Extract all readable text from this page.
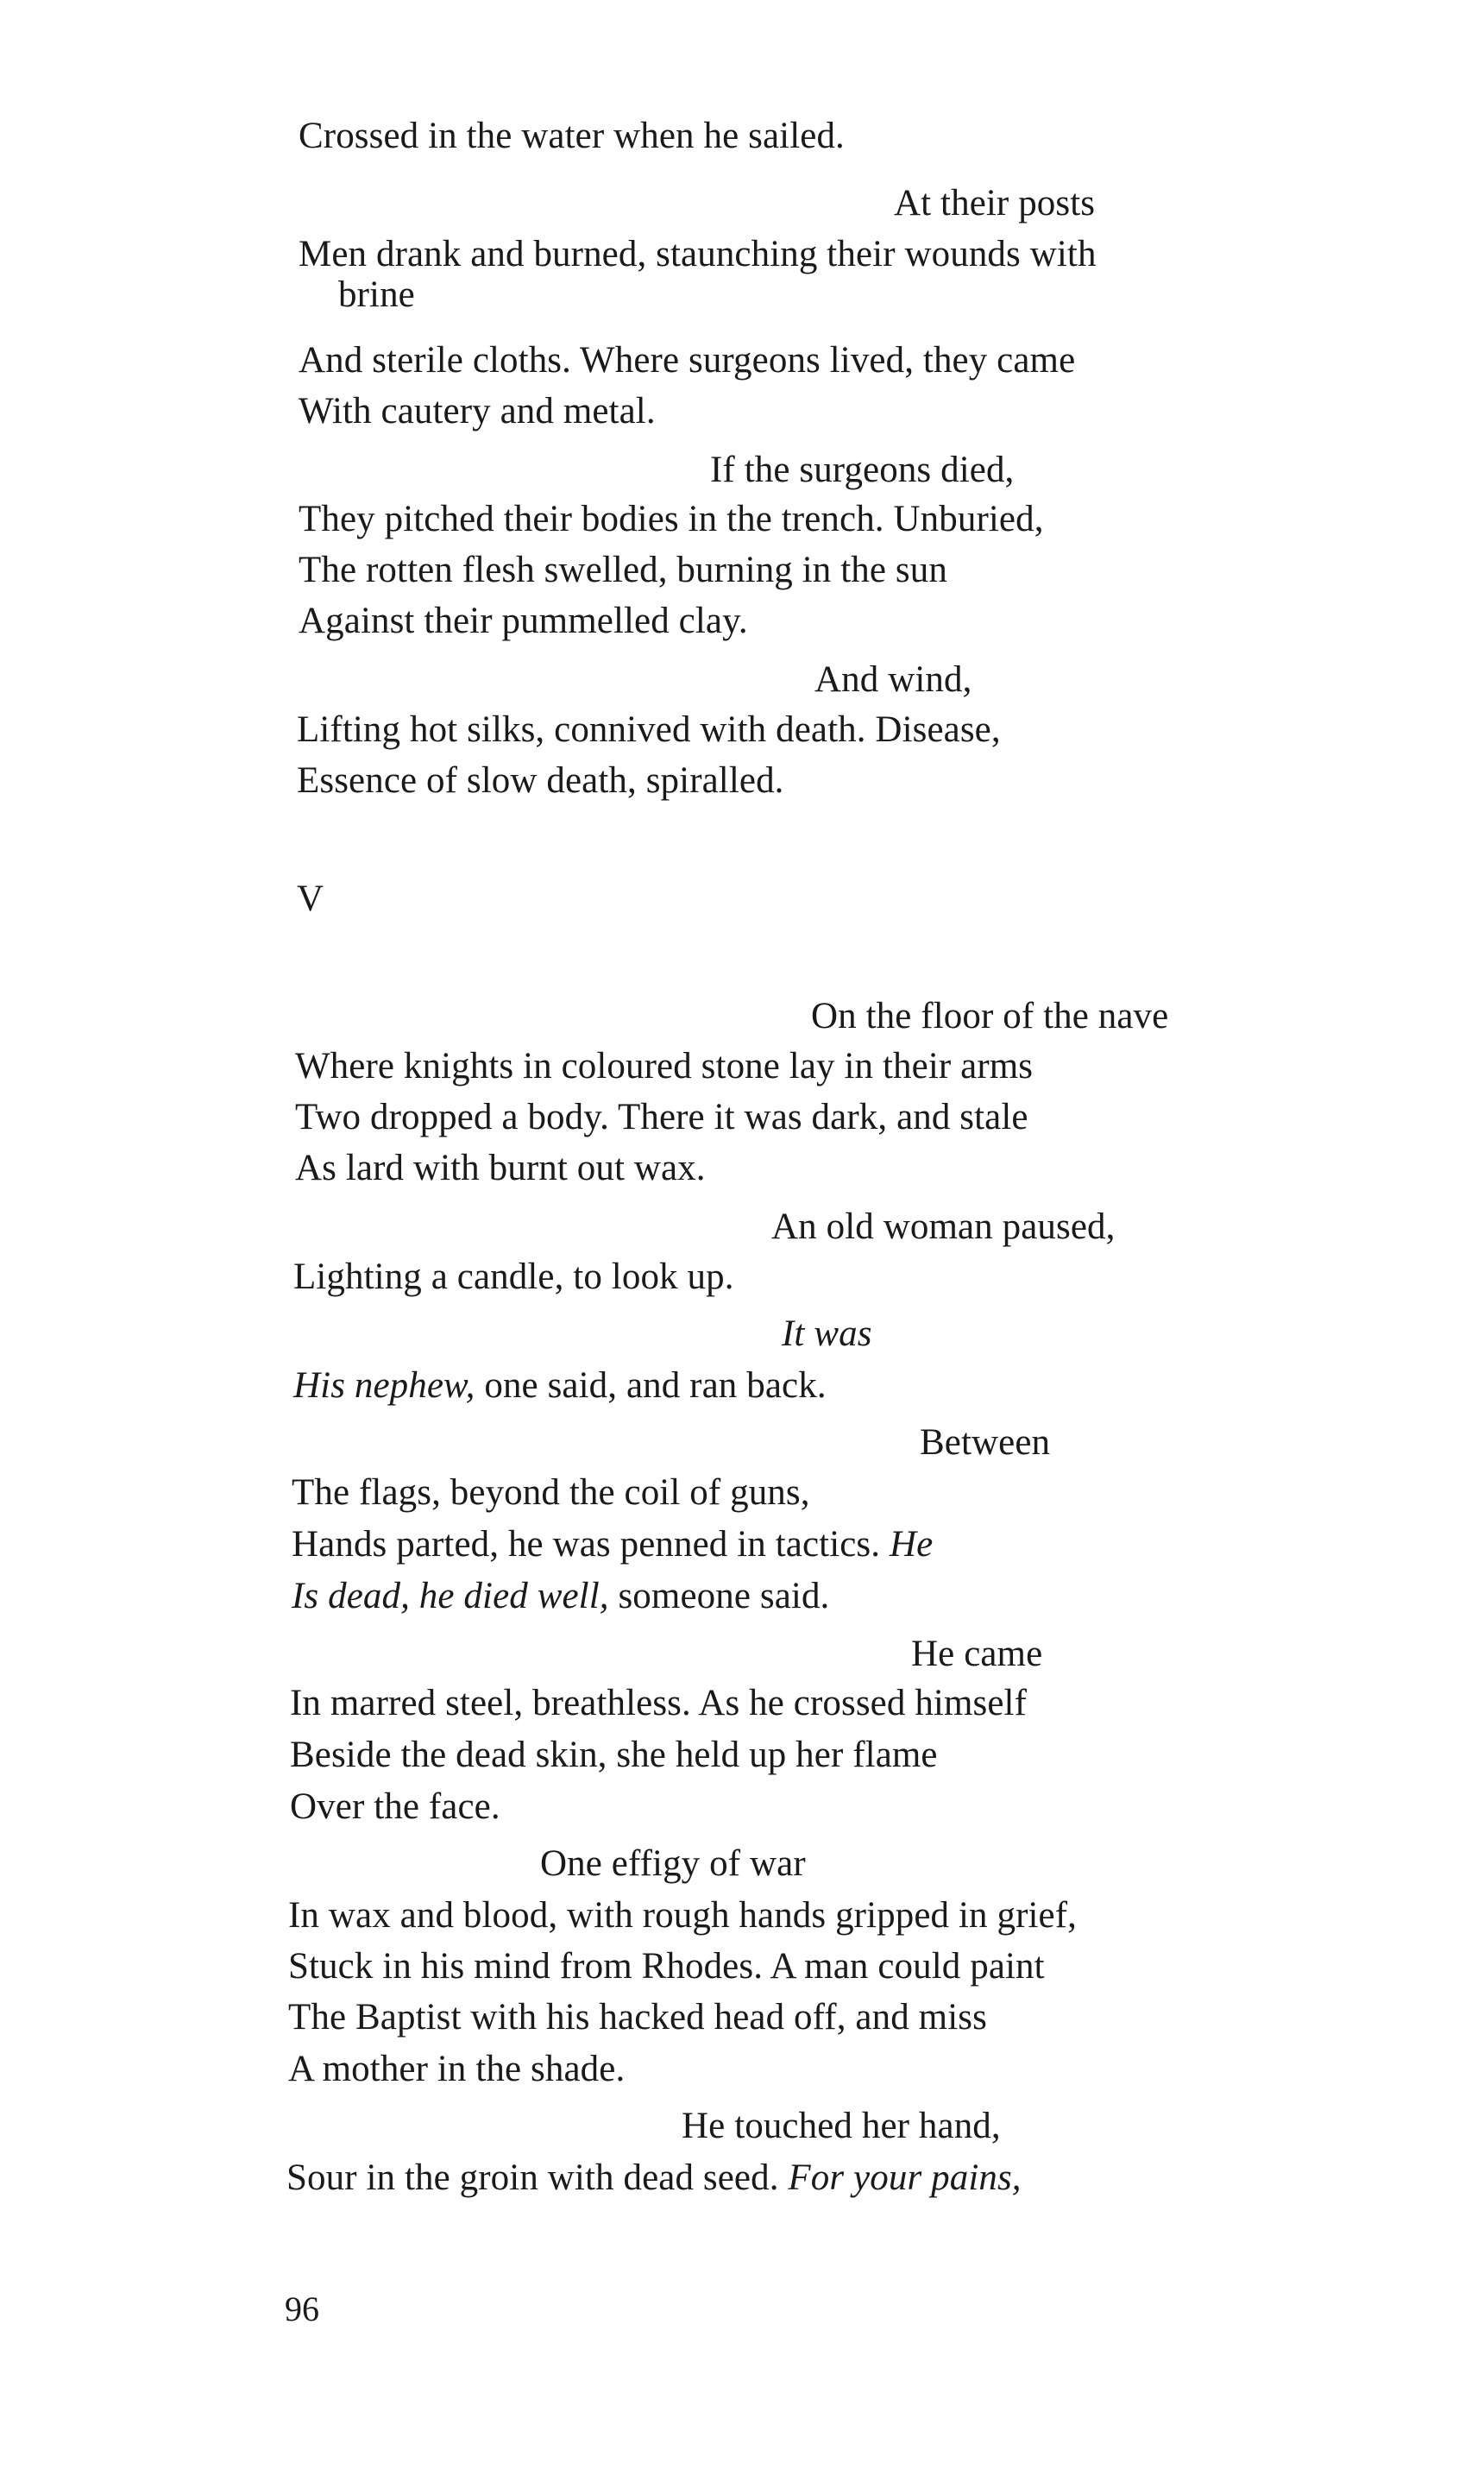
Crossed in the water when he sailed.
At their posts
Men drank and burned, staunching their wounds with
brine
And sterile cloths. Where surgeons lived, they came
With cautery and metal.
If the surgeons died,
They pitched their bodies in the trench. Unburied,
The rotten flesh swelled, burning in the sun
Against their pummelled clay.
And wind,
Lifting hot silks, connived with death. Disease,
Essence of slow death, spiralled.
V
On the floor of the nave
Where knights in coloured stone lay in their arms
Two dropped a body. There it was dark, and stale
As lard with burnt out wax.
An old woman paused,
Lighting a candle, to look up.
It was
His nephew, one said, and ran back.
Between
The flags, beyond the coil of guns,
Hands parted, he was penned in tactics. He
Is dead, he died well, someone said.
He came
In marred steel, breathless. As he crossed himself
Beside the dead skin, she held up her flame
Over the face.
One effigy of war
In wax and blood, with rough hands gripped in grief,
Stuck in his mind from Rhodes. A man could paint
The Baptist with his hacked head off, and miss
A mother in the shade.
He touched her hand,
Sour in the groin with dead seed. For your pains,
96
